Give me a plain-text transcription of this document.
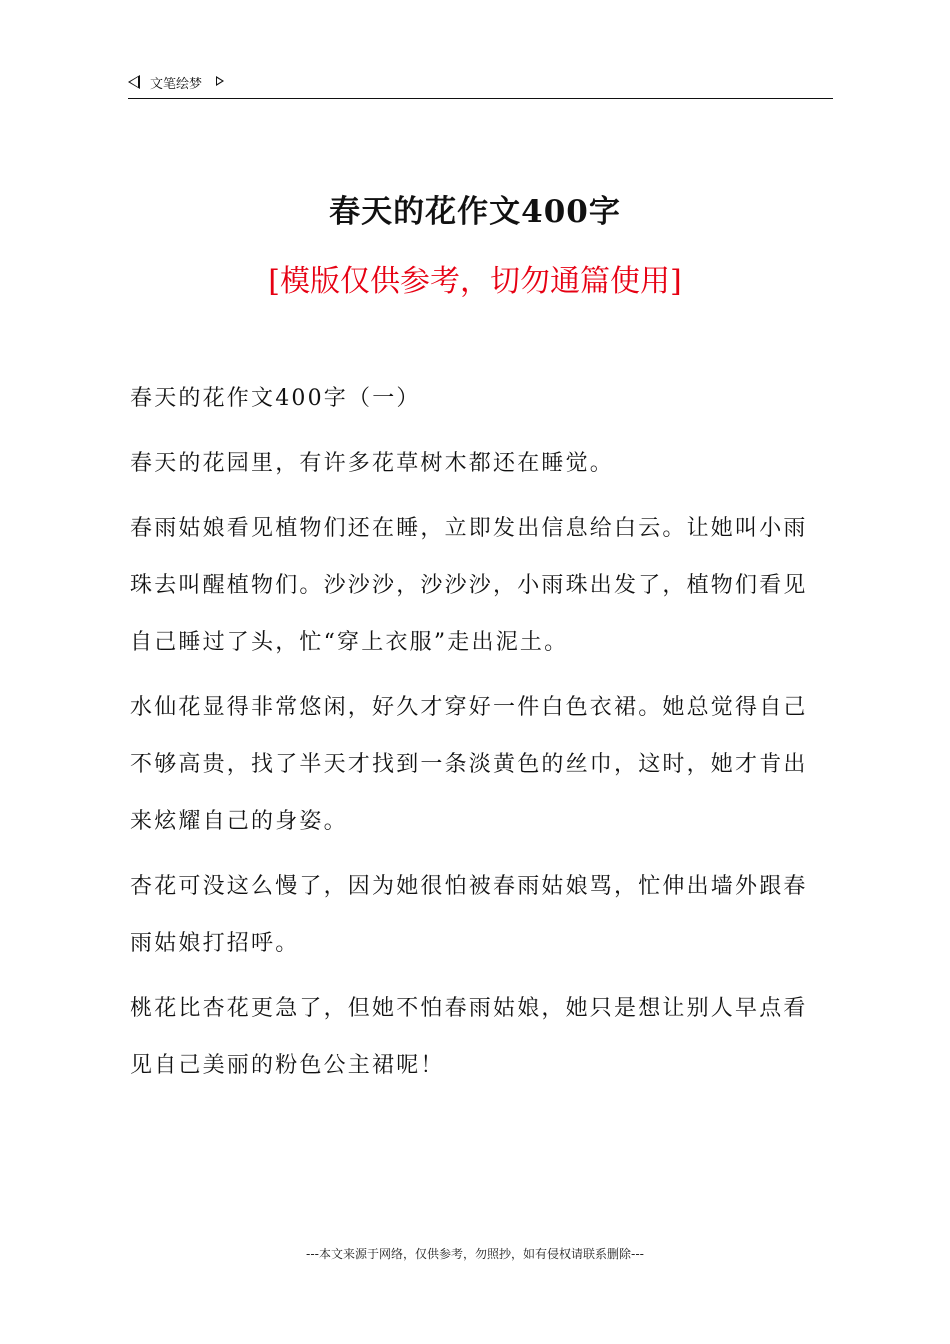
文笔绘梦
春天的花作文400字

[模版仅供参考，切勿通篇使用]

春天的花作文400字（一）

春天的花园里，有许多花草树木都还在睡觉。

春雨姑娘看见植物们还在睡，立即发出信息给白云。让她叫小雨珠去叫醒植物们。沙沙沙，沙沙沙，小雨珠出发了，植物们看见自己睡过了头，忙“穿上衣服”走出泥土。

水仙花显得非常悠闲，好久才穿好一件白色衣裙。她总觉得自己不够高贵，找了半天才找到一条淡黄色的丝巾，这时，她才肯出来炫耀自己的身姿。

杏花可没这么慢了，因为她很怕被春雨姑娘骂，忙伸出墙外跟春雨姑娘打招呼。

桃花比杏花更急了，但她不怕春雨姑娘，她只是想让别人早点看见自己美丽的粉色公主裙呢！

---本文来源于网络，仅供参考，勿照抄，如有侵权请联系删除---
